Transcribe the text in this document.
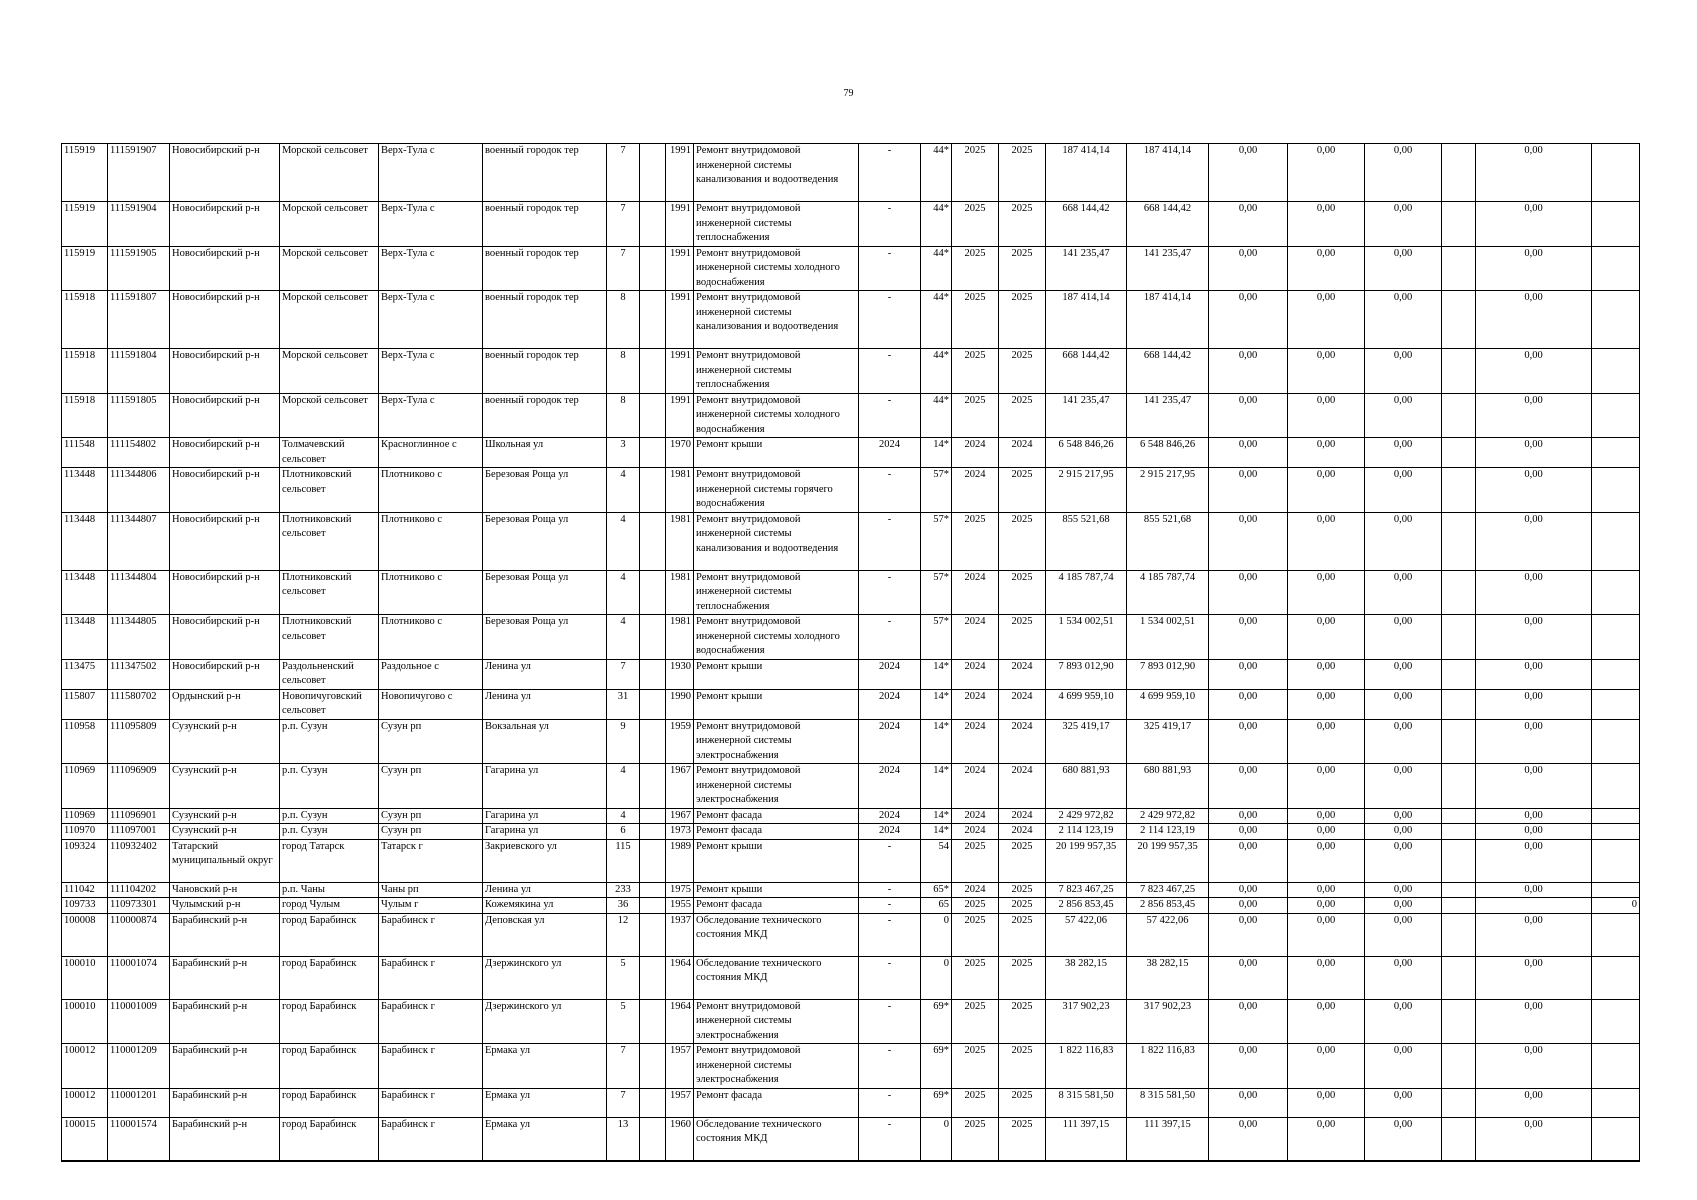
79
115919	111591907	Новосибирский р-н	Морской сельсовет	Верх-Тула с	военный городок тер	7		1991	Ремонт внутридомовой инженерной системы канализования и водоотведения	-	44*	2025	2025	187 414,14	187 414,14	0,00	0,00	0,00		0,00	
115919	111591904	Новосибирский р-н	Морской сельсовет	Верх-Тула с	военный городок тер	7		1991	Ремонт внутридомовой инженерной системы теплоснабжения	-	44*	2025	2025	668 144,42	668 144,42	0,00	0,00	0,00		0,00	
115919	111591905	Новосибирский р-н	Морской сельсовет	Верх-Тула с	военный городок тер	7		1991	Ремонт внутридомовой инженерной системы холодного водоснабжения	-	44*	2025	2025	141 235,47	141 235,47	0,00	0,00	0,00		0,00	
115918	111591807	Новосибирский р-н	Морской сельсовет	Верх-Тула с	военный городок тер	8		1991	Ремонт внутридомовой инженерной системы канализования и водоотведения	-	44*	2025	2025	187 414,14	187 414,14	0,00	0,00	0,00		0,00	
115918	111591804	Новосибирский р-н	Морской сельсовет	Верх-Тула с	военный городок тер	8		1991	Ремонт внутридомовой инженерной системы теплоснабжения	-	44*	2025	2025	668 144,42	668 144,42	0,00	0,00	0,00		0,00	
115918	111591805	Новосибирский р-н	Морской сельсовет	Верх-Тула с	военный городок тер	8		1991	Ремонт внутридомовой инженерной системы холодного водоснабжения	-	44*	2025	2025	141 235,47	141 235,47	0,00	0,00	0,00		0,00	
111548	111154802	Новосибирский р-н	Толмачевский сельсовет	Красноглинное с	Школьная ул	3		1970	Ремонт крыши	2024	14*	2024	2024	6 548 846,26	6 548 846,26	0,00	0,00	0,00		0,00	
113448	111344806	Новосибирский р-н	Плотниковский сельсовет	Плотниково с	Березовая Роща ул	4		1981	Ремонт внутридомовой инженерной системы горячего водоснабжения	-	57*	2024	2025	2 915 217,95	2 915 217,95	0,00	0,00	0,00		0,00	
113448	111344807	Новосибирский р-н	Плотниковский сельсовет	Плотниково с	Березовая Роща ул	4		1981	Ремонт внутридомовой инженерной системы канализования и водоотведения	-	57*	2025	2025	855 521,68	855 521,68	0,00	0,00	0,00		0,00	
113448	111344804	Новосибирский р-н	Плотниковский сельсовет	Плотниково с	Березовая Роща ул	4		1981	Ремонт внутридомовой инженерной системы теплоснабжения	-	57*	2024	2025	4 185 787,74	4 185 787,74	0,00	0,00	0,00		0,00	
113448	111344805	Новосибирский р-н	Плотниковский сельсовет	Плотниково с	Березовая Роща ул	4		1981	Ремонт внутридомовой инженерной системы холодного водоснабжения	-	57*	2024	2025	1 534 002,51	1 534 002,51	0,00	0,00	0,00		0,00	
113475	111347502	Новосибирский р-н	Раздольненский сельсовет	Раздольное с	Ленина ул	7		1930	Ремонт крыши	2024	14*	2024	2024	7 893 012,90	7 893 012,90	0,00	0,00	0,00		0,00	
115807	111580702	Ордынский р-н	Новопичуговский сельсовет	Новопичугово с	Ленина ул	31		1990	Ремонт крыши	2024	14*	2024	2024	4 699 959,10	4 699 959,10	0,00	0,00	0,00		0,00	
110958	111095809	Сузунский р-н	р.п. Сузун	Сузун рп	Вокзальная ул	9		1959	Ремонт внутридомовой инженерной системы электроснабжения	2024	14*	2024	2024	325 419,17	325 419,17	0,00	0,00	0,00		0,00	
110969	111096909	Сузунский р-н	р.п. Сузун	Сузун рп	Гагарина ул	4		1967	Ремонт внутридомовой инженерной системы электроснабжения	2024	14*	2024	2024	680 881,93	680 881,93	0,00	0,00	0,00		0,00	
110969	111096901	Сузунский р-н	р.п. Сузун	Сузун рп	Гагарина ул	4		1967	Ремонт фасада	2024	14*	2024	2024	2 429 972,82	2 429 972,82	0,00	0,00	0,00		0,00	
110970	111097001	Сузунский р-н	р.п. Сузун	Сузун рп	Гагарина ул	6		1973	Ремонт фасада	2024	14*	2024	2024	2 114 123,19	2 114 123,19	0,00	0,00	0,00		0,00	
109324	110932402	Татарский муниципальный округ	город Татарск	Татарск г	Закриевского ул	115		1989	Ремонт крыши	-	54	2025	2025	20 199 957,35	20 199 957,35	0,00	0,00	0,00		0,00	
111042	111104202	Чановский р-н	р.п. Чаны	Чаны рп	Ленина ул	233		1975	Ремонт крыши	-	65*	2024	2025	7 823 467,25	7 823 467,25	0,00	0,00	0,00		0,00	
109733	110973301	Чулымский р-н	город Чулым	Чулым г	Кожемякина ул	36		1955	Ремонт фасада	-	65	2025	2025	2 856 853,45	2 856 853,45	0,00	0,00	0,00			0
100008	110000874	Барабинский р-н	город Барабинск	Барабинск г	Деповская ул	12		1937	Обследование технического состояния МКД	-	0	2025	2025	57 422,06	57 422,06	0,00	0,00	0,00		0,00	
100010	110001074	Барабинский р-н	город Барабинск	Барабинск г	Дзержинского ул	5		1964	Обследование технического состояния МКД	-	0	2025	2025	38 282,15	38 282,15	0,00	0,00	0,00		0,00	
100010	110001009	Барабинский р-н	город Барабинск	Барабинск г	Дзержинского ул	5		1964	Ремонт внутридомовой инженерной системы электроснабжения	-	69*	2025	2025	317 902,23	317 902,23	0,00	0,00	0,00		0,00	
100012	110001209	Барабинский р-н	город Барабинск	Барабинск г	Ермака ул	7		1957	Ремонт внутридомовой инженерной системы электроснабжения	-	69*	2025	2025	1 822 116,83	1 822 116,83	0,00	0,00	0,00		0,00	
100012	110001201	Барабинский р-н	город Барабинск	Барабинск г	Ермака ул	7		1957	Ремонт фасада	-	69*	2025	2025	8 315 581,50	8 315 581,50	0,00	0,00	0,00		0,00	
100015	110001574	Барабинский р-н	город Барабинск	Барабинск г	Ермака ул	13		1960	Обследование технического состояния МКД	-	0	2025	2025	111 397,15	111 397,15	0,00	0,00	0,00		0,00	
